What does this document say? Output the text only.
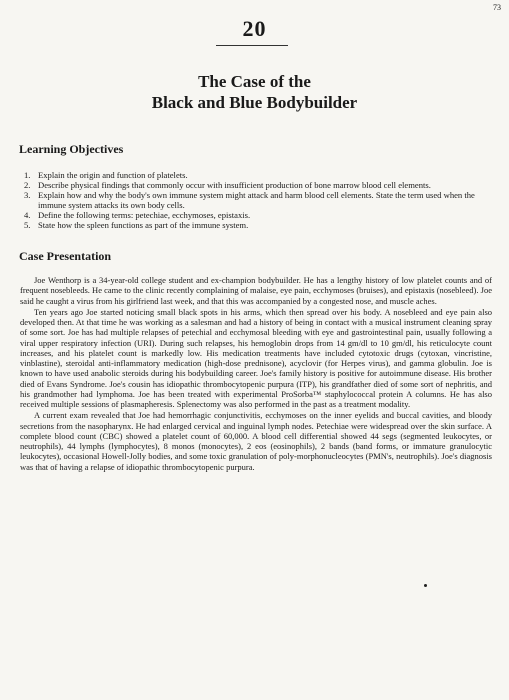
73
20
The Case of the
Black and Blue Bodybuilder
Learning Objectives
1. Explain the origin and function of platelets.
2. Describe physical findings that commonly occur with insufficient production of bone marrow blood cell elements.
3. Explain how and why the body's own immune system might attack and harm blood cell elements. State the term used when the immune system attacks its own body cells.
4. Define the following terms: petechiae, ecchymoses, epistaxis.
5. State how the spleen functions as part of the immune system.
Case Presentation

Joe Wenthorp is a 34-year-old college student and ex-champion bodybuilder. He has a lengthy history of low platelet counts and of frequent nosebleeds. He came to the clinic recently complaining of malaise, eye pain, ecchymoses (bruises), and epistaxis (nosebleed). Joe said he caught a virus from his girlfriend last week, and that this was accompanied by a congested nose, and muscle aches.

Ten years ago Joe started noticing small black spots in his arms, which then spread over his body. A nosebleed and eye pain also developed then. At that time he was working as a salesman and had a history of being in contact with a musical instrument cleaning spray of some sort. Joe has had multiple relapses of petechial and ecchymosal bleeding with eye and gastrointestinal pain, usually following a viral upper respiratory infection (URI). During such relapses, his hemoglobin drops from 14 gm/dl to 10 gm/dl, his reticulocyte count increases, and his platelet count is markedly low. His medication treatments have included cytotoxic drugs (cytoxan, vincristine, vinblastine), steroidal anti-inflammatory medication (high-dose prednisone), acyclovir (for Herpes virus), and gamma globulin. Joe is known to have used anabolic steroids during his bodybuilding career. Joe's family history is positive for autoimmune disease. His brother died of Evans Syndrome. Joe's cousin has idiopathic thrombocytopenic purpura (ITP), his grandfather died of some sort of nephritis, and his grandmother had lymphoma. Joe has been treated with experimental ProSorba™ staphylococcal protein A columns. He has also received multiple sessions of plasmapheresis. Splenectomy was also performed in the past as a treatment modality.

A current exam revealed that Joe had hemorrhagic conjunctivitis, ecchymoses on the inner eyelids and buccal cavities, and bloody secretions from the nasopharynx. He had enlarged cervical and inguinal lymph nodes. Petechiae were widespread over the skin surface. A complete blood count (CBC) showed a platelet count of 60,000. A blood cell differential showed 44 segs (segmented leukocytes, or neutrophils), 44 lymphs (lymphocytes), 8 monos (monocytes), 2 eos (eosinophils), 2 bands (band forms, or immature granulocytic leukocytes), occasional Howell-Jolly bodies, and some toxic granulation of poly-morphonucleocytes (PMN's, neutrophils). Joe's diagnosis was that of having a relapse of idiopathic thrombocytopenic purpura.
